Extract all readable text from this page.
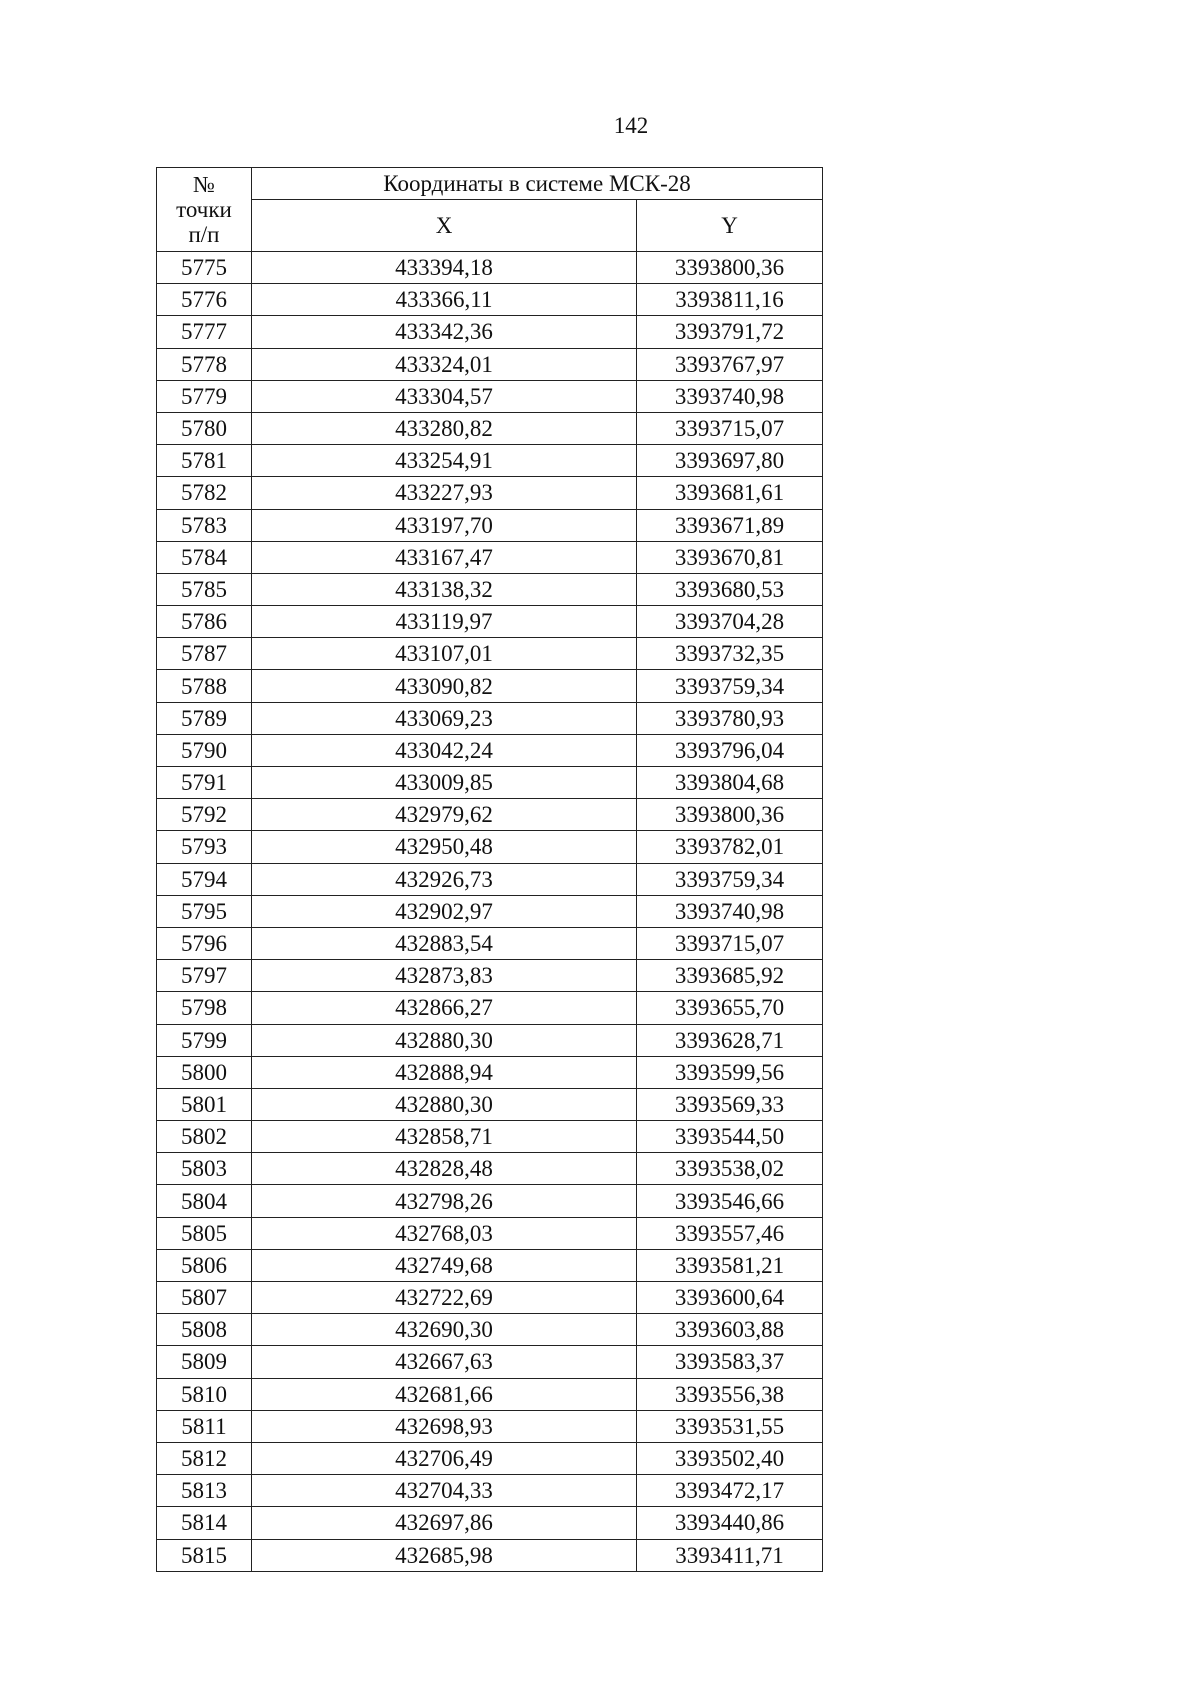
142
№
точки
п/п	Координаты в системе МСК-28	
	X	Y
5775	433394,18	3393800,36
5776	433366,11	3393811,16
5777	433342,36	3393791,72
5778	433324,01	3393767,97
5779	433304,57	3393740,98
5780	433280,82	3393715,07
5781	433254,91	3393697,80
5782	433227,93	3393681,61
5783	433197,70	3393671,89
5784	433167,47	3393670,81
5785	433138,32	3393680,53
5786	433119,97	3393704,28
5787	433107,01	3393732,35
5788	433090,82	3393759,34
5789	433069,23	3393780,93
5790	433042,24	3393796,04
5791	433009,85	3393804,68
5792	432979,62	3393800,36
5793	432950,48	3393782,01
5794	432926,73	3393759,34
5795	432902,97	3393740,98
5796	432883,54	3393715,07
5797	432873,83	3393685,92
5798	432866,27	3393655,70
5799	432880,30	3393628,71
5800	432888,94	3393599,56
5801	432880,30	3393569,33
5802	432858,71	3393544,50
5803	432828,48	3393538,02
5804	432798,26	3393546,66
5805	432768,03	3393557,46
5806	432749,68	3393581,21
5807	432722,69	3393600,64
5808	432690,30	3393603,88
5809	432667,63	3393583,37
5810	432681,66	3393556,38
5811	432698,93	3393531,55
5812	432706,49	3393502,40
5813	432704,33	3393472,17
5814	432697,86	3393440,86
5815	432685,98	3393411,71
